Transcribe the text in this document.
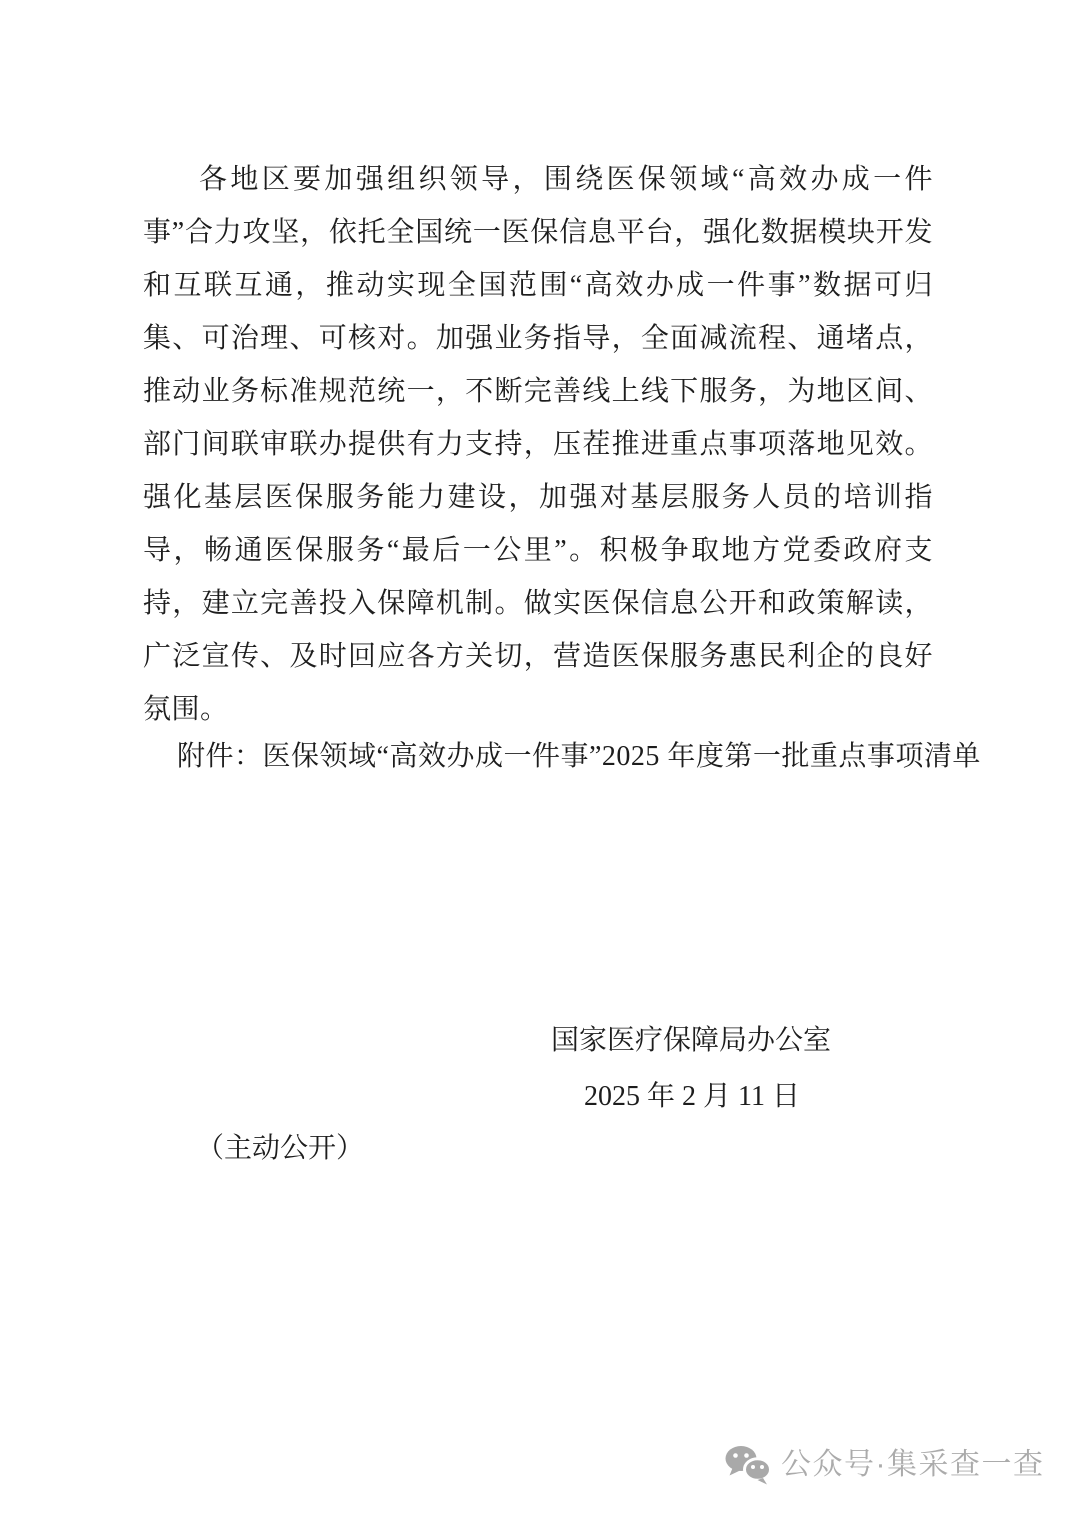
各地区要加强组织领导，围绕医保领域“高效办成一件事”合力攻坚，依托全国统一医保信息平台，强化数据模块开发和互联互通，推动实现全国范围“高效办成一件事”数据可归集、可治理、可核对。加强业务指导，全面减流程、通堵点，推动业务标准规范统一，不断完善线上线下服务，为地区间、部门间联审联办提供有力支持，压茬推进重点事项落地见效。强化基层医保服务能力建设，加强对基层服务人员的培训指导，畅通医保服务“最后一公里”。积极争取地方党委政府支持，建立完善投入保障机制。做实医保信息公开和政策解读，广泛宣传、及时回应各方关切，营造医保服务惠民利企的良好氛围。

附件：医保领域“高效办成一件事”2025 年度第一批重点事项清单

国家医疗保障局办公室
2025 年 2 月 11 日
（主动公开）
公众号·集采查一查
